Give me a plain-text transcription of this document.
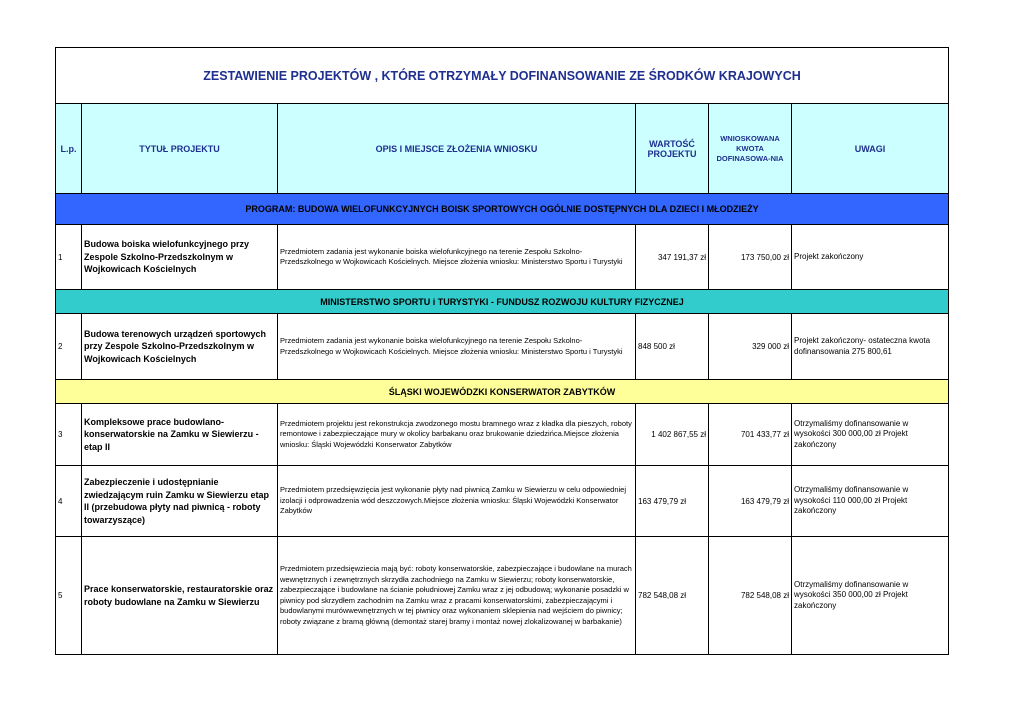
ZESTAWIENIE PROJEKTÓW , KTÓRE OTRZYMAŁY DOFINANSOWANIE ZE ŚRODKÓW KRAJOWYCH					
L.p.	TYTUŁ PROJEKTU	OPIS I MIEJSCE ZŁOŻENIA WNIOSKU	WARTOŚĆ PROJEKTU	WNIOSKOWANA KWOTA DOFINASOWA-NIA	UWAGI
PROGRAM: BUDOWA WIELOFUNKCYJNYCH BOISK SPORTOWYCH OGÓLNIE DOSTĘPNYCH DLA DZIECI I MŁODZIEŻY					
1	Budowa boiska wielofunkcyjnego przy Zespole Szkolno-Przedszkolnym w Wojkowicach Kościelnych	Przedmiotem zadania jest wykonanie boiska wielofunkcyjnego na terenie Zespołu Szkolno-Przedszkolnego w Wojkowicach Kościelnych. Miejsce złożenia wniosku: Ministerstwo Sportu i Turystyki	347 191,37 zł	173 750,00 zł	Projekt zakończony
MINISTERSTWO SPORTU i TURYSTYKI - FUNDUSZ ROZWOJU KULTURY FIZYCZNEJ					
2	Budowa terenowych urządzeń sportowych przy Zespole Szkolno-Przedszkolnym w Wojkowicach Kościelnych	Przedmiotem zadania jest wykonanie boiska wielofunkcyjnego na terenie Zespołu Szkolno-Przedszkolnego w Wojkowicach Kościelnych. Miejsce złożenia wniosku: Ministerstwo Sportu i Turystyki	848 500 zł	329 000 zł	Projekt zakończony- ostateczna kwota dofinansowania 275 800,61
ŚLĄSKI WOJEWÓDZKI KONSERWATOR ZABYTKÓW					
3	Kompleksowe prace budowlano-konserwatorskie na Zamku w Siewierzu - etap II	Przedmiotem projektu jest rekonstrukcja zwodzonego mostu bramnego wraz z kładka dla pieszych, roboty remontowe i zabezpieczające mury w okolicy barbakanu oraz brukowanie dziedzińca.Miejsce złożenia wniosku: Śląski Wojewódzki Konserwator Zabytków	1 402 867,55 zł	701 433,77 zł	Otrzymaliśmy dofinansowanie w wysokości 300 000,00 zł Projekt zakończony
4	Zabezpieczenie i udostępnianie zwiedzającym ruin Zamku w Siewierzu etap II (przebudowa płyty nad piwnicą - roboty towarzyszące)	Przedmiotem przedsięwzięcia jest wykonanie płyty nad piwnicą Zamku w Siewierzu w celu odpowiedniej izolacji i odprowadzenia wód deszczowych.Miejsce złożenia wniosku: Śląski Wojewódzki Konserwator Zabytków	163 479,79 zł	163 479,79 zł	Otrzymaliśmy dofinansowanie w wysokości 110 000,00 zł Projekt zakończony
5	Prace konserwatorskie, restauratorskie oraz roboty budowlane na Zamku w Siewierzu	Przedmiotem przedsięwziecia mają być: roboty konserwatorskie, zabezpieczające i budowlane na murach wewnętrznych i zewnętrznych skrzydła zachodniego na Zamku w Siewierzu; roboty konserwatorskie, zabezpieczające i budowlane na ścianie południowej Zamku wraz z jej odbudową; wykonanie posadzki w piwnicy pod skrzydłem zachodnim na Zamku wraz z pracami konserwatorskimi, zabezpieczającymi i budowlanymi murówwewnętrznych w tej piwnicy oraz wykonaniem sklepienia nad wejściem do piwnicy; roboty związane z bramą główną (demontaż starej bramy i montaż nowej zlokalizowanej w barbakanie)	782 548,08 zł	782 548,08 zł	Otrzymaliśmy dofinansowanie w wysokości 350 000,00 zł Projekt zakończony
